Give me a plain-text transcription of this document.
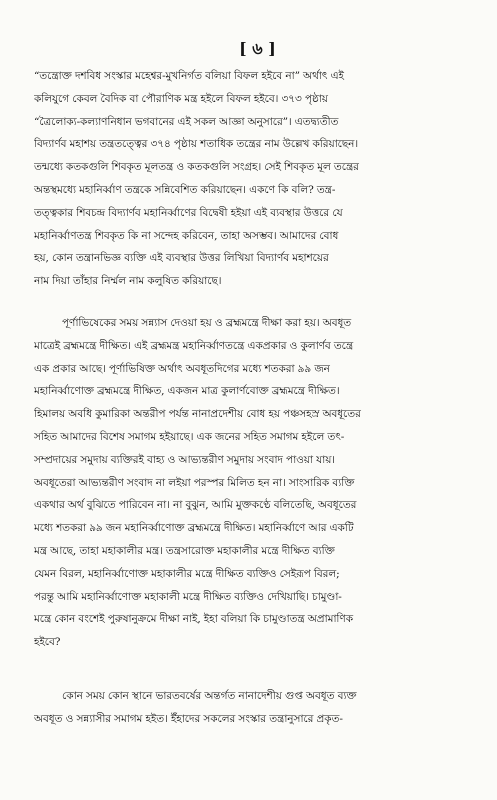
[ ৬ ]

“তন্ত্রোক্ত দশবিধ সংস্কার মহেশ্বর-মুখনির্গত বলিয়া বিফল হইবে না” অর্থাৎ এই
কলিযুগে কেবল বৈদিক বা পৌরাণিক মন্ত্র হইলে বিফল হইবে। ৩৭৩ পৃষ্ঠায়
“ত্রৈলোক্য-কল্যাণনিধান ভগবানের এই সকল আজ্ঞা অনুসারে”। এতদ্ব্যতীত
বিদ্যার্ণব মহাশয় তন্ত্রতত্ত্বের ৩৭৪ পৃষ্ঠায় শতাধিক তন্ত্রের নাম উল্লেখ করিয়াছেন।
তন্মধ্যে কতকগুলি শিবকৃত মূলতন্ত্র ও কতকগুলি সংগ্রহ। সেই শিবকৃত মূল তন্ত্রের
অন্তস্থমধ্যে মহানির্ব্বাণ তন্ত্রকে সন্নিবেশিত করিয়াছেন। একণে কি বলি? তন্ত্র-
তত্ত্বকার শিবচন্দ্র বিদ্যার্ণব মহানির্ব্বাণের বিদ্বেষী হইয়া এই ব্যবস্থার উত্তরে যে
মহানির্ব্বাণতন্ত্র শিবকৃত কি না সন্দেহ করিবেন, তাহা অসম্ভব। আমাদের বোধ
হয়, কোন তন্ত্রানভিজ্ঞ ব্যক্তি এই ব্যবস্থার উত্তর লিখিয়া বিদ্যার্ণব মহাশয়ের
নাম দিয়া তাঁহার নির্ম্মল নাম কলুষিত করিয়াছে।

পূর্ণাভিষেকের সময় সন্ন্যাস দেওয়া হয় ও ব্রহ্মমন্ত্রে দীক্ষা করা হয়। অবধূত
মাত্রেই ব্রহ্মমন্ত্রে দীক্ষিত। এই ব্রহ্মমন্ত্র মহানির্ব্বাণতন্ত্রে একপ্রকার ও কুলার্ণব তন্ত্রে
এক প্রকার আছে। পূর্ণাভিষিক্ত অর্থাৎ অবধূতদিগের মধ্যে শতকরা ৯৯ জন
মহানির্ব্বাণোক্ত ব্রহ্মমন্ত্রে দীক্ষিত, একজন মাত্র কুলার্ণবোক্ত ব্রহ্মমন্ত্রে দীক্ষিত।
হিমালয় অবধি কুমারিকা অন্তরীপ পর্যন্ত নানাপ্রদেশীয় বোধ হয় পঞ্চসহস্র অবধূতের
সহিত আমাদের বিশেষ সমাগম হইয়াছে। এক জনের সহিত সমাগম হইলে তৎ-
সম্প্রদায়ের সমুদায় ব্যক্তিরই বাহ্য ও আভ্যন্তরীণ সমুদায় সংবাদ পাওয়া যায়।
অবধূতেরা আভ্যন্তরীণ সংবাদ না লইয়া পরস্পর মিলিত হন না। সাংসারিক ব্যক্তি
একথার অর্থ বুঝিতে পারিবেন না। না বুঝুন, আমি মুক্তকণ্ঠে বলিতেছি, অবধূতের
মধ্যে শতকরা ৯৯ জন মহানির্ব্বাণোক্ত ব্রহ্মমন্ত্রে দীক্ষিত। মহানির্ব্বাণে আর একটি
মন্ত্র আছে, তাহা মহাকালীর মন্ত্র। তন্ত্রসারোক্ত মহাকালীর মন্ত্রে দীক্ষিত ব্যক্তি
যেমন বিরল, মহানির্ব্বাণোক্ত মহাকালীর মন্ত্রে দীক্ষিত ব্যক্তিও সেইরূপ বিরল;
পরন্তু আমি মহানির্ব্বাণোক্ত মহাকালী মন্ত্রে দীক্ষিত ব্যক্তিও দেখিয়াছি। চামুণ্ডা-
মন্ত্রে কোন বংশেই পুরুষানুক্রমে দীক্ষা নাই, ইহা বলিয়া কি চামুণ্ডাতন্ত্র অপ্রামাণিক
হইবে?

কোন সময় কোন স্থানে ভারতবর্ষের অন্তর্গত নানাদেশীয় গুপ্ত অবধূত ব্যক্ত
অবধূত ও সন্ন্যাসীর সমাগম হইত। ইঁহাদের সকলের সংস্কার তন্ত্রানুসারে প্রকৃত-
